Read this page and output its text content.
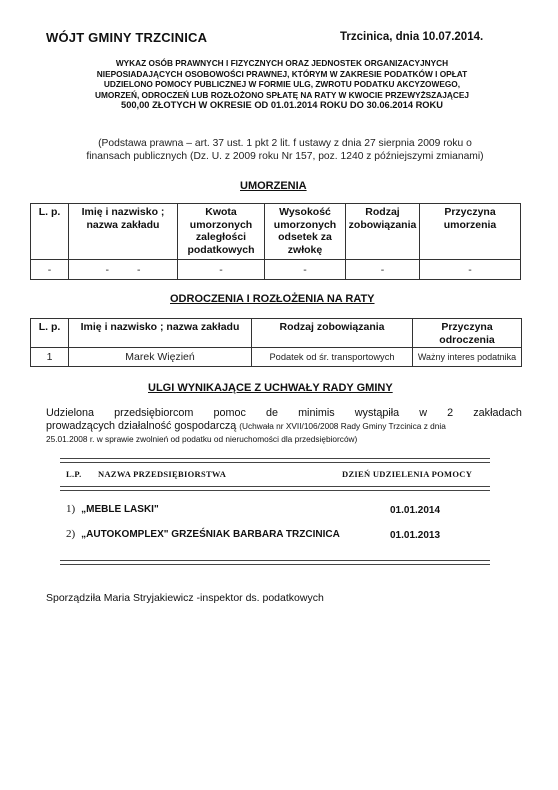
WÓJT GMINY TRZCINICA	Trzcinica, dnia 10.07.2014.
WYKAZ OSÓB PRAWNYCH I FIZYCZNYCH ORAZ JEDNOSTEK ORGANIZACYJNYCH
NIEPOSIADAJĄCYCH OSOBOWOŚCI PRAWNEJ, KTÓRYM W ZAKRESIE PODATKÓW I OPŁAT
UDZIELONO POMOCY PUBLICZNEJ W FORMIE ULG, ZWROTU PODATKU AKCYZOWEGO,
UMORZEŃ, ODROCZEŃ LUB ROZŁOŻONO SPŁATĘ NA RATY W KWOCIE PRZEWYŻSZAJĄCEJ
500,00 ZŁOTYCH W OKRESIE OD 01.01.2014 ROKU DO 30.06.2014 ROKU
(Podstawa prawna – art. 37 ust. 1 pkt 2 lit. f ustawy z dnia 27 sierpnia 2009 roku o
finansach publicznych (Dz. U. z 2009 roku Nr 157, poz. 1240 z późniejszymi zmianami)
UMORZENIA
L. p.	Imię i nazwisko ; nazwa zakładu	Kwota umorzonych zaległości podatkowych	Wysokość umorzonych odsetek za zwłokę	Rodzaj zobowiązania	Przyczyna umorzenia
-	- -	-	-	-	-
ODROCZENIA I ROZŁOŻENIA NA RATY
L. p.	Imię i nazwisko ; nazwa zakładu	Rodzaj zobowiązania	Przyczyna odroczenia
1	Marek Więzień	Podatek od śr. transportowych	Ważny interes podatnika
ULGI WYNIKAJĄCE Z UCHWAŁY RADY GMINY
Udzielona przedsiębiorcom pomoc de minimis wystąpiła w 2 zakładach
prowadzących działalność gospodarczą (Uchwała nr XVII/106/2008 Rady Gminy Trzcinica z dnia
25.01.2008 r. w sprawie zwolnień od podatku od nieruchomości dla przedsiębiorców)
L.P. NAZWA PRZEDSIĘBIORSTWA	DZIEŃ UDZIELENIA POMOCY
1) „MEBLE LASKI"	01.01.2014
2) „AUTOKOMPLEX" GRZEŚNIAK BARBARA TRZCINICA	01.01.2013
Sporządziła Maria Stryjakiewicz -inspektor ds. podatkowych
